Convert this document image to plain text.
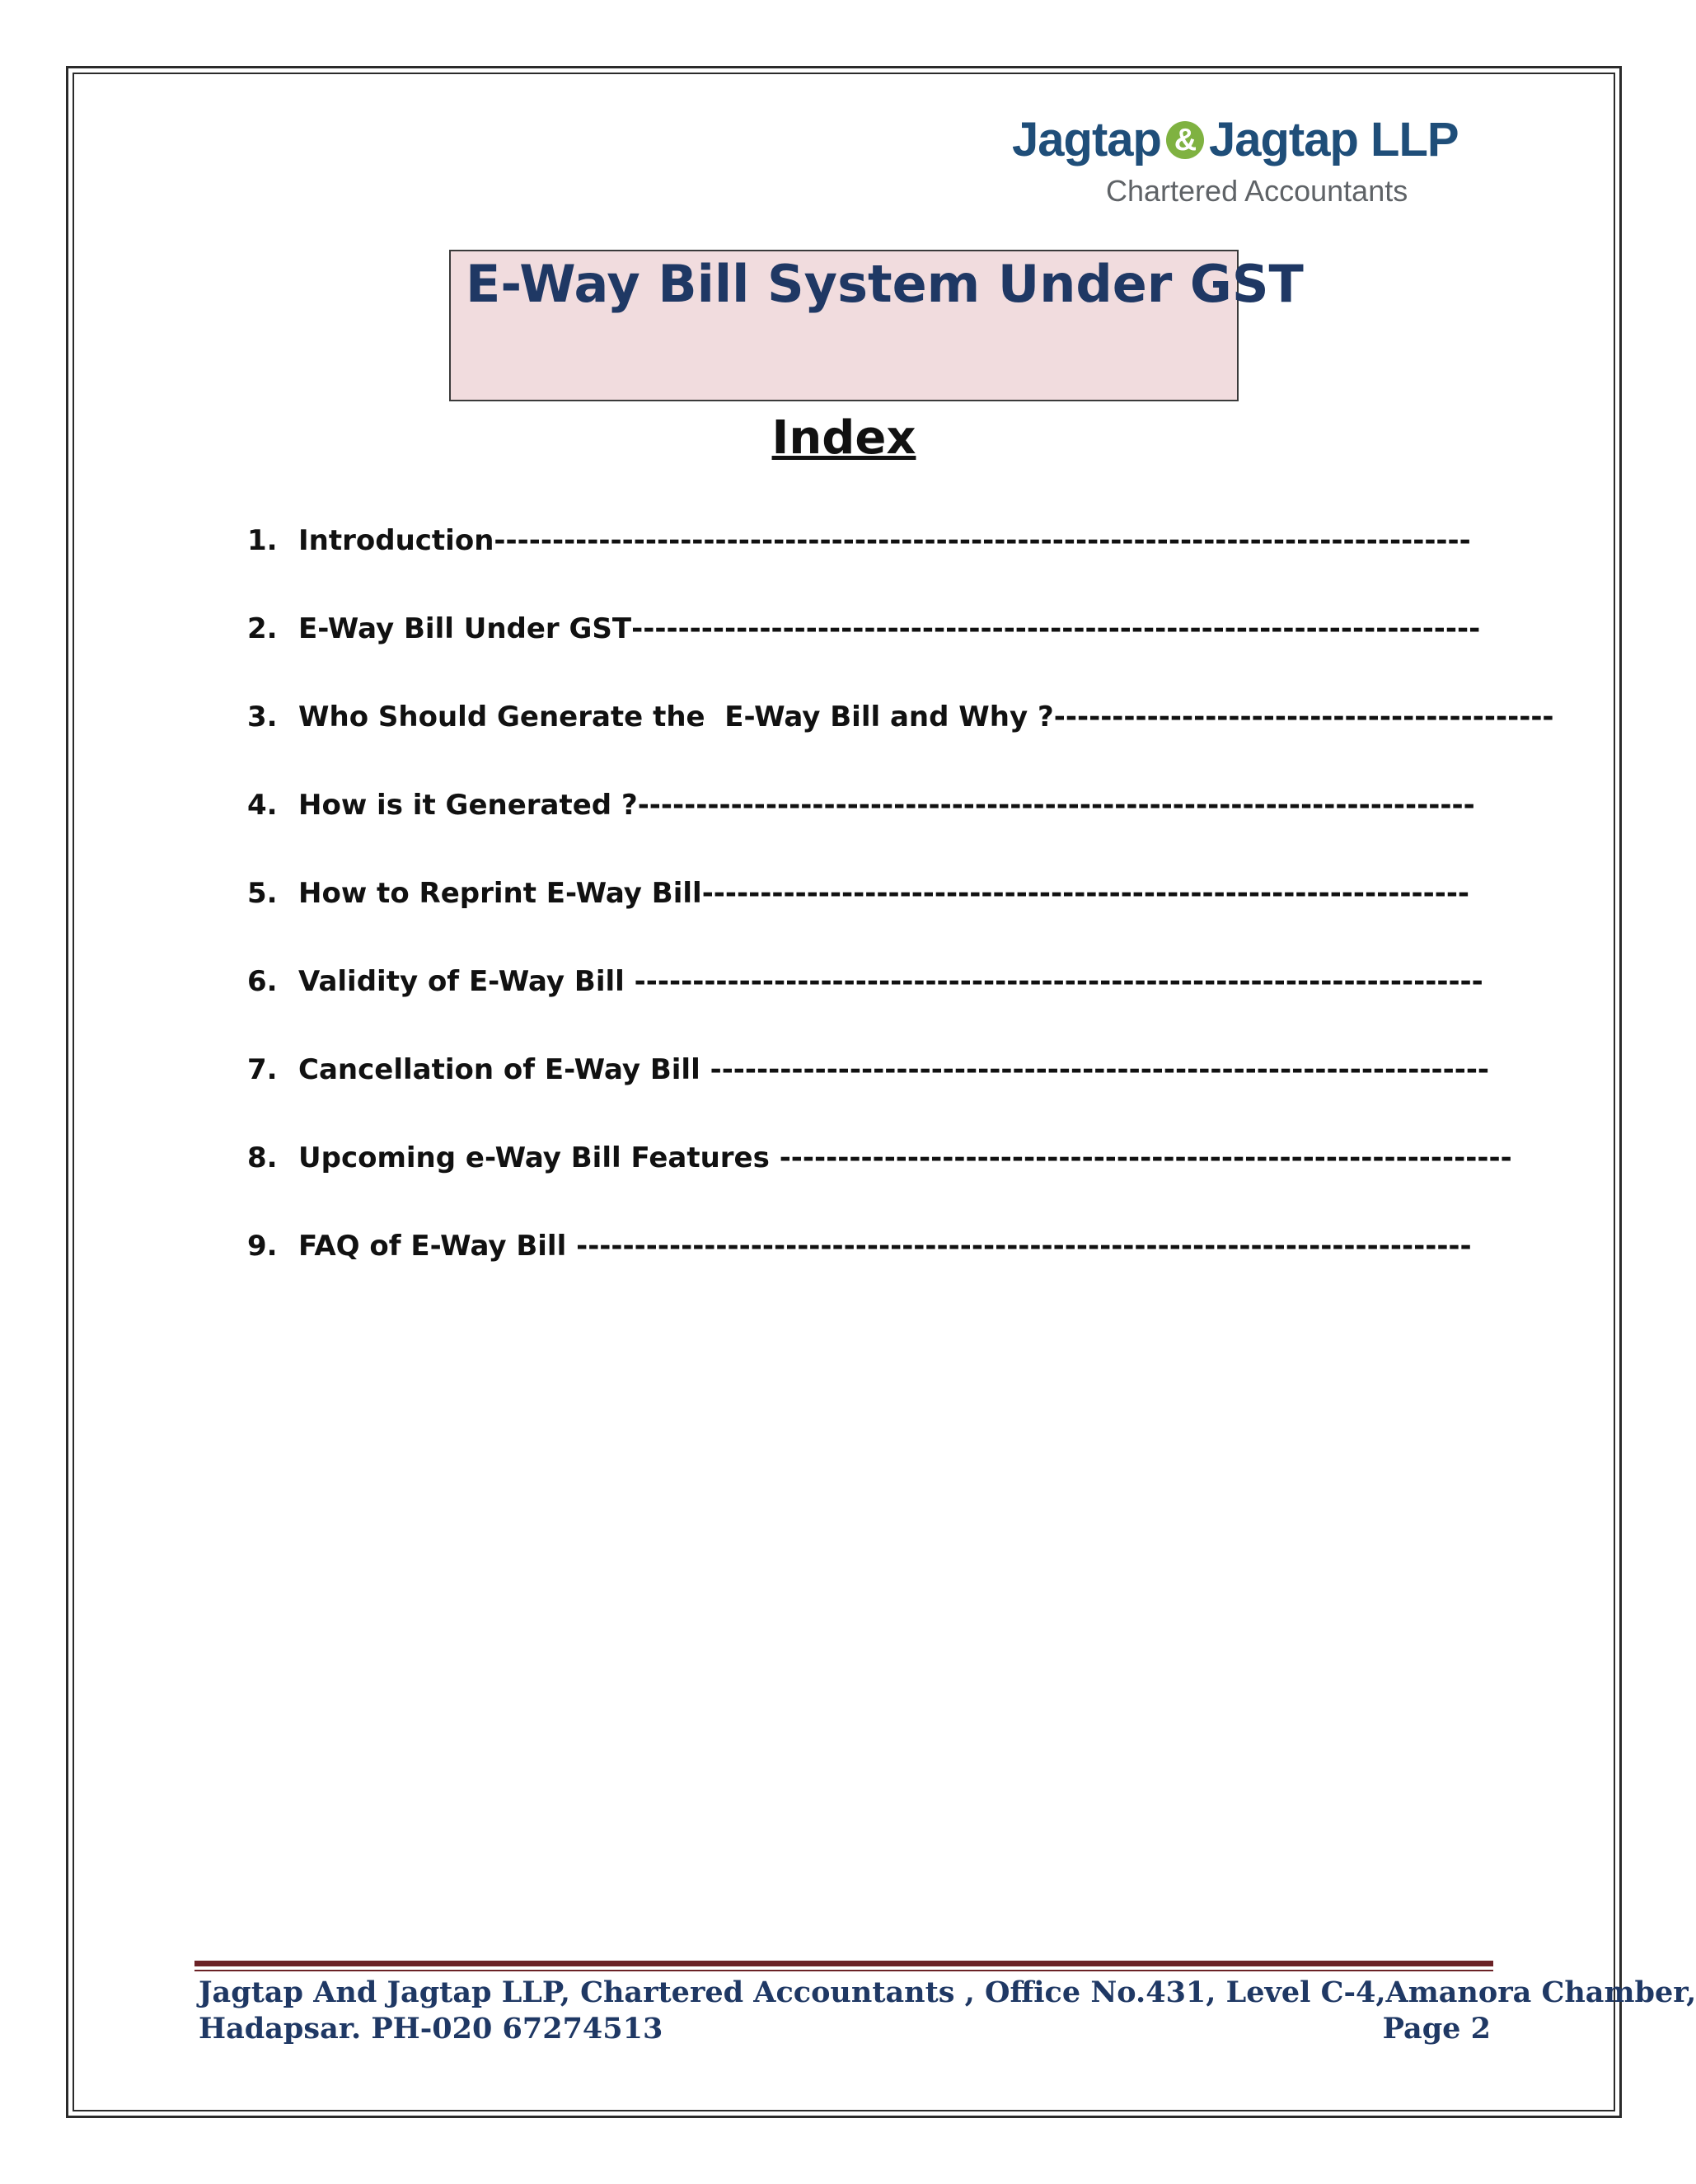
Jagtap & Jagtap LLP
Chartered Accountants
E-Way Bill System Under GST
Index
1. Introduction ------------------------------------------------------------------------------------
2. E-Way Bill Under GST -------------------------------------------------------------------------
3. Who Should Generate the  E-Way Bill and Why ? -------------------------------------------
4. How is it Generated ? ------------------------------------------------------------------------
5. How to Reprint E-Way Bill ------------------------------------------------------------------
6. Validity of E-Way Bill -------------------------------------------------------------------------
7. Cancellation of E-Way Bill -------------------------------------------------------------------
8. Upcoming e-Way Bill Features ---------------------------------------------------------------
9. FAQ of E-Way Bill -----------------------------------------------------------------------------
Jagtap And Jagtap LLP, Chartered Accountants , Office No.431, Level C-4,Amanora Chamber,
Hadapsar. PH-020 67274513	Page 2
